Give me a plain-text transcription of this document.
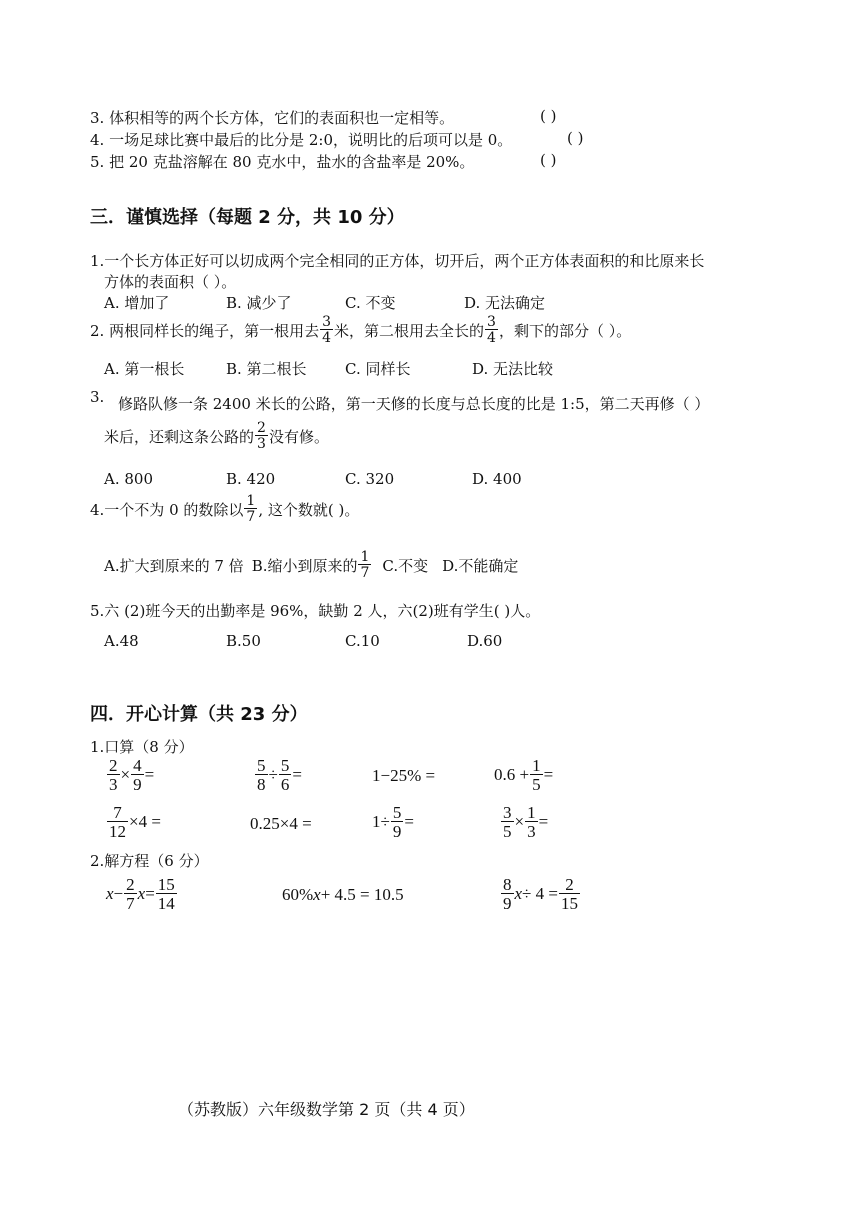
3. 体积相等的两个长方体，它们的表面积也一定相等。	( )
4. 一场足球比赛中最后的比分是 2:0，说明比的后项可以是 0。	( )
5. 把 20 克盐溶解在 80 克水中，盐水的含盐率是 20%。	( )
三．谨慎选择（每题 2 分，共 10 分）
1.一个长方体正好可以切成两个完全相同的正方体，切开后，两个正方体表面积的和比原来长
方体的表面积（ ）。
A. 增加了	B. 减少了	C. 不变	D. 无法确定
2. 两根同样长的绳子，第一根用去 $\frac{3}{4}$ 米，第二根用去全长的 $\frac{3}{4}$ ，剩下的部分（ ）。
A. 第一根长	B. 第二根长	C. 同样长	D. 无法比较
3. 修路队修一条 2400 米长的公路，第一天修的长度与总长度的比是 1:5，第二天再修（ ）
米后，还剩这条公路的 $\frac{2}{3}$ 没有修。
A. 800	B. 420	C. 320	D. 400
4.一个不为 0 的数除以 $\frac{1}{7}$ , 这个数就( )。
A.扩大到原来的 7 倍 B.缩小到原来的 $\frac{1}{7} C$.不变 D.不能确定
5.六 (2)班今天的出勤率是 96%，缺勤 2 人，六(2)班有学生( )人。
A.48	B.50	C.10	D.60
四．开心计算（共 23 分）
1.口算（8 分）
$\frac{2}{3} \times \frac{4}{9}$ =	$\frac{5}{8} \div \frac{5}{6}$ =	1−25% =	$0.6 + \frac{1}{5}$ =
$\frac{7}{12} \times 4$ =	0.25×4 =	$1\div \frac{5}{9}$ =	$\frac{3}{5} \times \frac{1}{3}$ =
2.解方程（6 分）
$x - \frac{2}{7}$ $x = \frac{15}{14}$	60%x+ 4.5 = 10.5	$\frac{8}{9}$ $x \div 4 = \frac{2}{15}$
（苏教版）六年级数学第 2 页（共 4 页）
